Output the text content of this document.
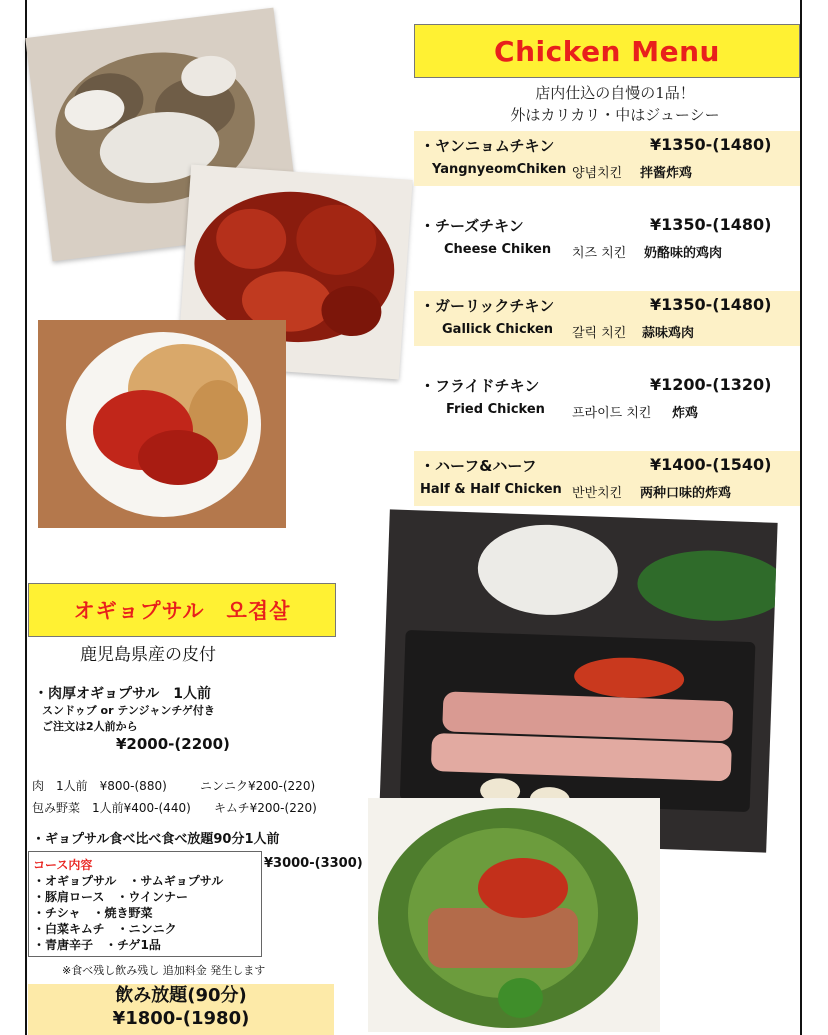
Chicken Menu
店内仕込の自慢の1品！
外はカリカリ・中はジューシー
・ヤンニョムチキン	¥1350-(1480)
YangnyeomChiken 양념치킨 拌酱炸鸡
・チーズチキン	¥1350-(1480)
Cheese Chiken 치즈 치킨 奶酪味的鸡肉
・ガーリックチキン	¥1350-(1480)
Gallick Chicken 갈릭 치킨 蒜味鸡肉
・フライドチキン	¥1200-(1320)
Fried Chicken 프라이드 치킨 炸鸡
・ハーフ&ハーフ	¥1400-(1540)
Half & Half Chicken 반반치킨 两种口味的炸鸡
オギョプサル　오겹살
鹿児島県産の皮付
・肉厚オギョプサル　1人前
スンドゥブ or テンジャンチゲ付き
ご注文は2人前から
¥2000-(2200)
肉　1人前　¥800-(880)	ニンニク¥200-(220)
包み野菜　1人前¥400-(440) キムチ¥200-(220)
・ギョプサル食べ比べ食べ放題90分1人前
¥3000-(3300)
コース内容
・オギョプサル　・サムギョプサル
・豚肩ロース　・ウインナー
・チシャ　・焼き野菜
・白菜キムチ　・ニンニク
・青唐辛子　・チゲ1品
※食べ残し飲み残し 追加料金 発生します
飲み放題(90分)
¥1800-(1980)
